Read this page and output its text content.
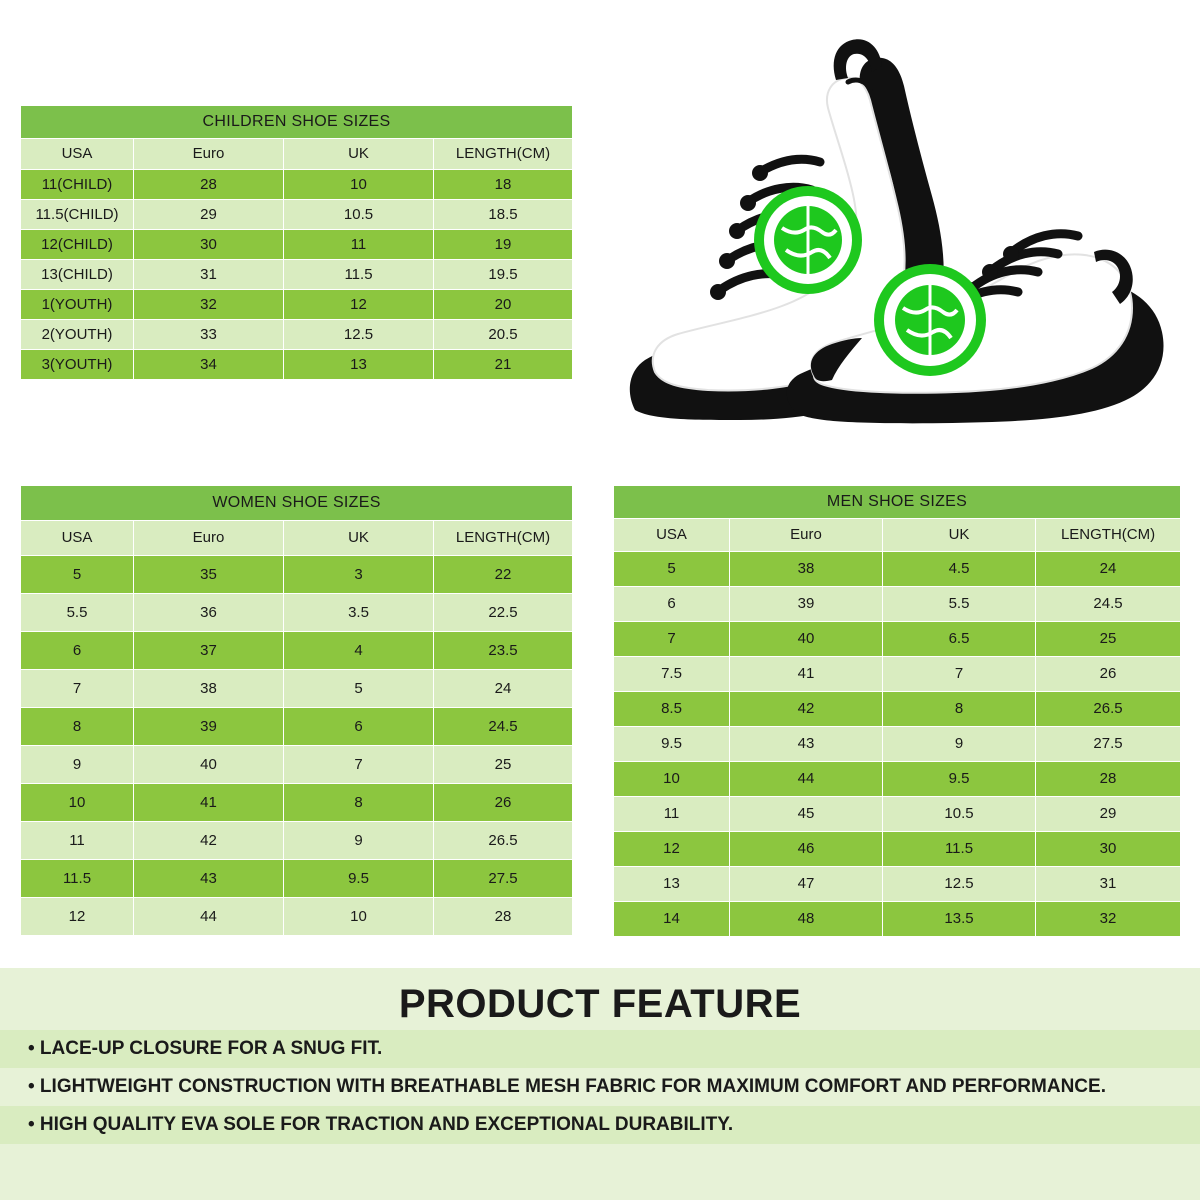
CHILDREN SHOE SIZES			
USA	Euro	UK	LENGTH(CM)
11(CHILD)	28	10	18
11.5(CHILD)	29	10.5	18.5
12(CHILD)	30	11	19
13(CHILD)	31	11.5	19.5
1(YOUTH)	32	12	20
2(YOUTH)	33	12.5	20.5
3(YOUTH)	34	13	21
WOMEN SHOE SIZES			
USA	Euro	UK	LENGTH(CM)
5	35	3	22
5.5	36	3.5	22.5
6	37	4	23.5
7	38	5	24
8	39	6	24.5
9	40	7	25
10	41	8	26
11	42	9	26.5
11.5	43	9.5	27.5
12	44	10	28
MEN SHOE SIZES			
USA	Euro	UK	LENGTH(CM)
5	38	4.5	24
6	39	5.5	24.5
7	40	6.5	25
7.5	41	7	26
8.5	42	8	26.5
9.5	43	9	27.5
10	44	9.5	28
11	45	10.5	29
12	46	11.5	30
13	47	12.5	31
14	48	13.5	32
PRODUCT FEATURE
• LACE-UP CLOSURE FOR A SNUG FIT.
• LIGHTWEIGHT CONSTRUCTION WITH BREATHABLE MESH FABRIC FOR MAXIMUM COMFORT AND PERFORMANCE.
• HIGH QUALITY EVA SOLE FOR TRACTION AND EXCEPTIONAL DURABILITY.
